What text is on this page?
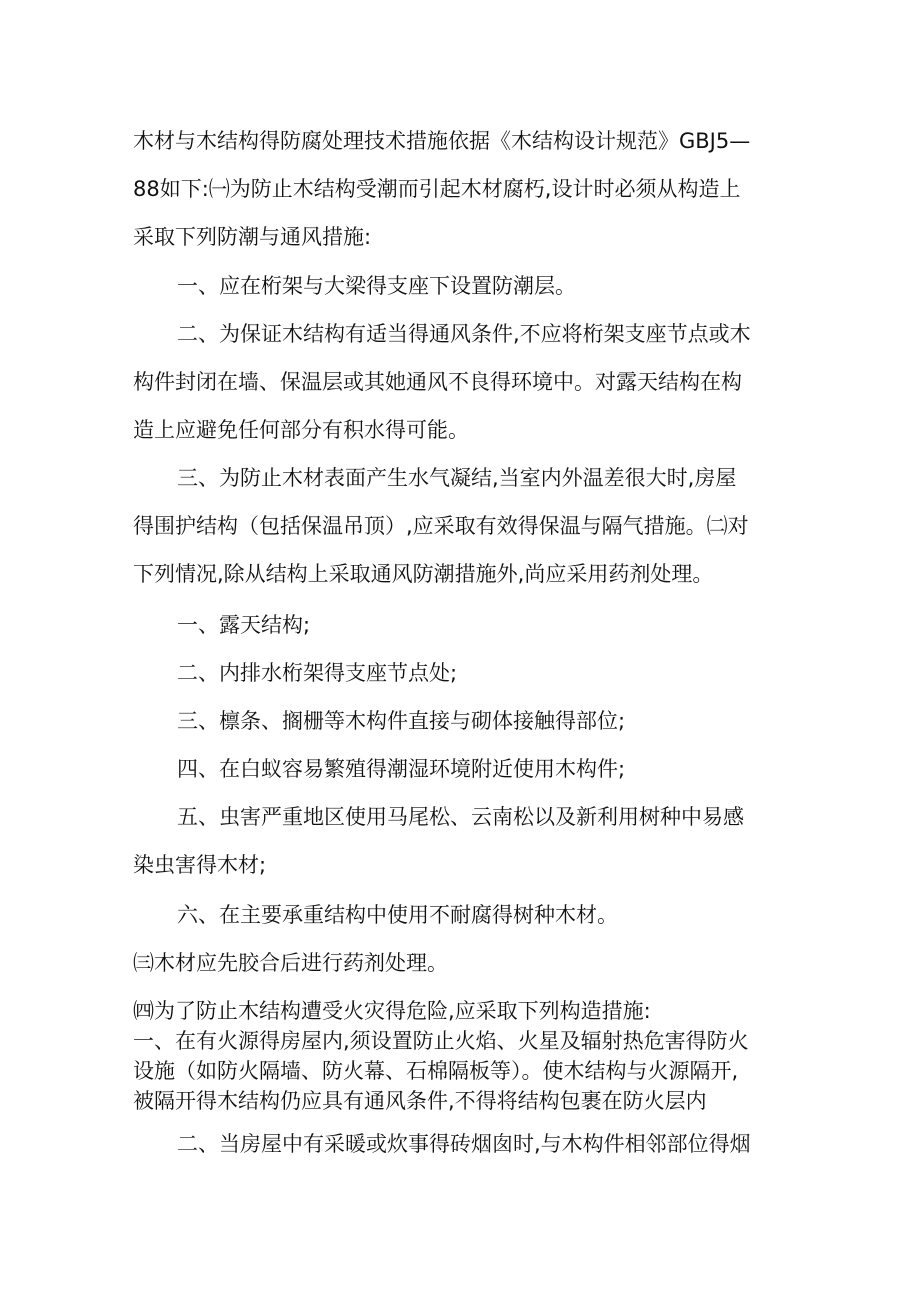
木材与木结构得防腐处理技术措施依据《木结构设计规范》GBJ5—
88如下:㈠为防止木结构受潮而引起木材腐朽,设计时必须从构造上
采取下列防潮与通风措施:
一、应在桁架与大梁得支座下设置防潮层。
二、为保证木结构有适当得通风条件,不应将桁架支座节点或木
构件封闭在墙、保温层或其她通风不良得环境中。对露天结构在构
造上应避免任何部分有积水得可能。
三、为防止木材表面产生水气凝结,当室内外温差很大时,房屋
得围护结构（包括保温吊顶）,应采取有效得保温与隔气措施。㈡对
下列情况,除从结构上采取通风防潮措施外,尚应采用药剂处理。
一、露天结构;
二、内排水桁架得支座节点处;
三、檩条、搁栅等木构件直接与砌体接触得部位;
四、在白蚁容易繁殖得潮湿环境附近使用木构件;
五、虫害严重地区使用马尾松、云南松以及新利用树种中易感
染虫害得木材;
六、在主要承重结构中使用不耐腐得树种木材。
㈢木材应先胶合后进行药剂处理。
㈣为了防止木结构遭受火灾得危险,应采取下列构造措施:
一、在有火源得房屋内,须设置防止火焰、火星及辐射热危害得防火
设施（如防火隔墙、防火幕、石棉隔板等）。使木结构与火源隔开,
被隔开得木结构仍应具有通风条件,不得将结构包裹在防火层内
二、当房屋中有采暖或炊事得砖烟囱时,与木构件相邻部位得烟
